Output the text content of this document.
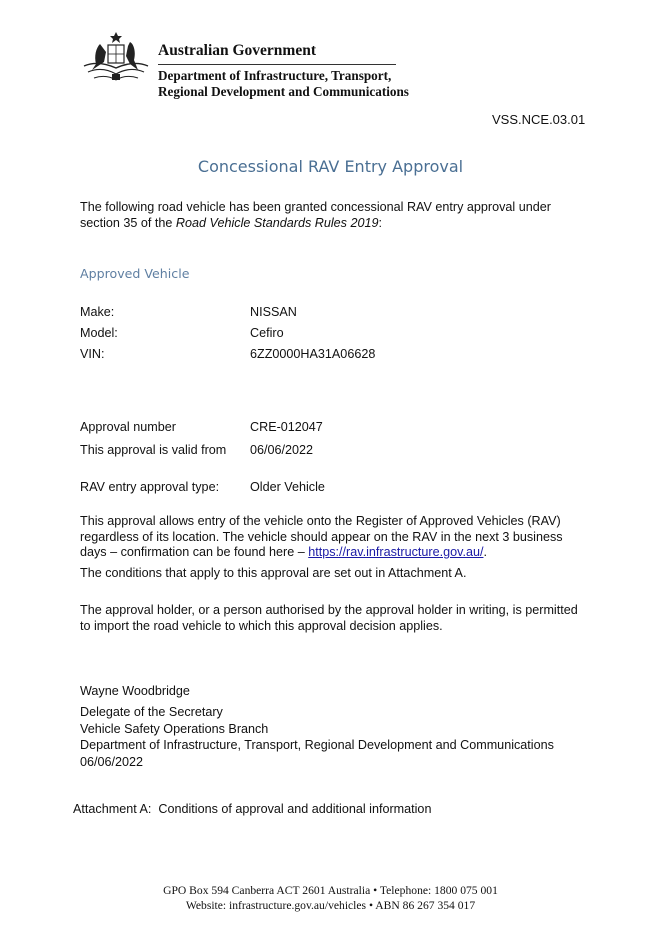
Australian Government
Department of Infrastructure, Transport,
Regional Development and Communications
VSS.NCE.03.01
Concessional RAV Entry Approval
The following road vehicle has been granted concessional RAV entry approval under section 35 of the Road Vehicle Standards Rules 2019:
Approved Vehicle
Make:	NISSAN
Model:	Cefiro
VIN:	6ZZ0000HA31A06628
Approval number	CRE-012047
This approval is valid from 06/06/2022
RAV entry approval type: Older Vehicle
This approval allows entry of the vehicle onto the Register of Approved Vehicles (RAV) regardless of its location. The vehicle should appear on the RAV in the next 3 business days – confirmation can be found here – https://rav.infrastructure.gov.au/.
The conditions that apply to this approval are set out in Attachment A.
The approval holder, or a person authorised by the approval holder in writing, is permitted to import the road vehicle to which this approval decision applies.
Wayne Woodbridge
Delegate of the Secretary
Vehicle Safety Operations Branch
Department of Infrastructure, Transport, Regional Development and Communications
06/06/2022
Attachment A:  Conditions of approval and additional information
GPO Box 594 Canberra ACT 2601 Australia • Telephone: 1800 075 001
Website: infrastructure.gov.au/vehicles • ABN 86 267 354 017
